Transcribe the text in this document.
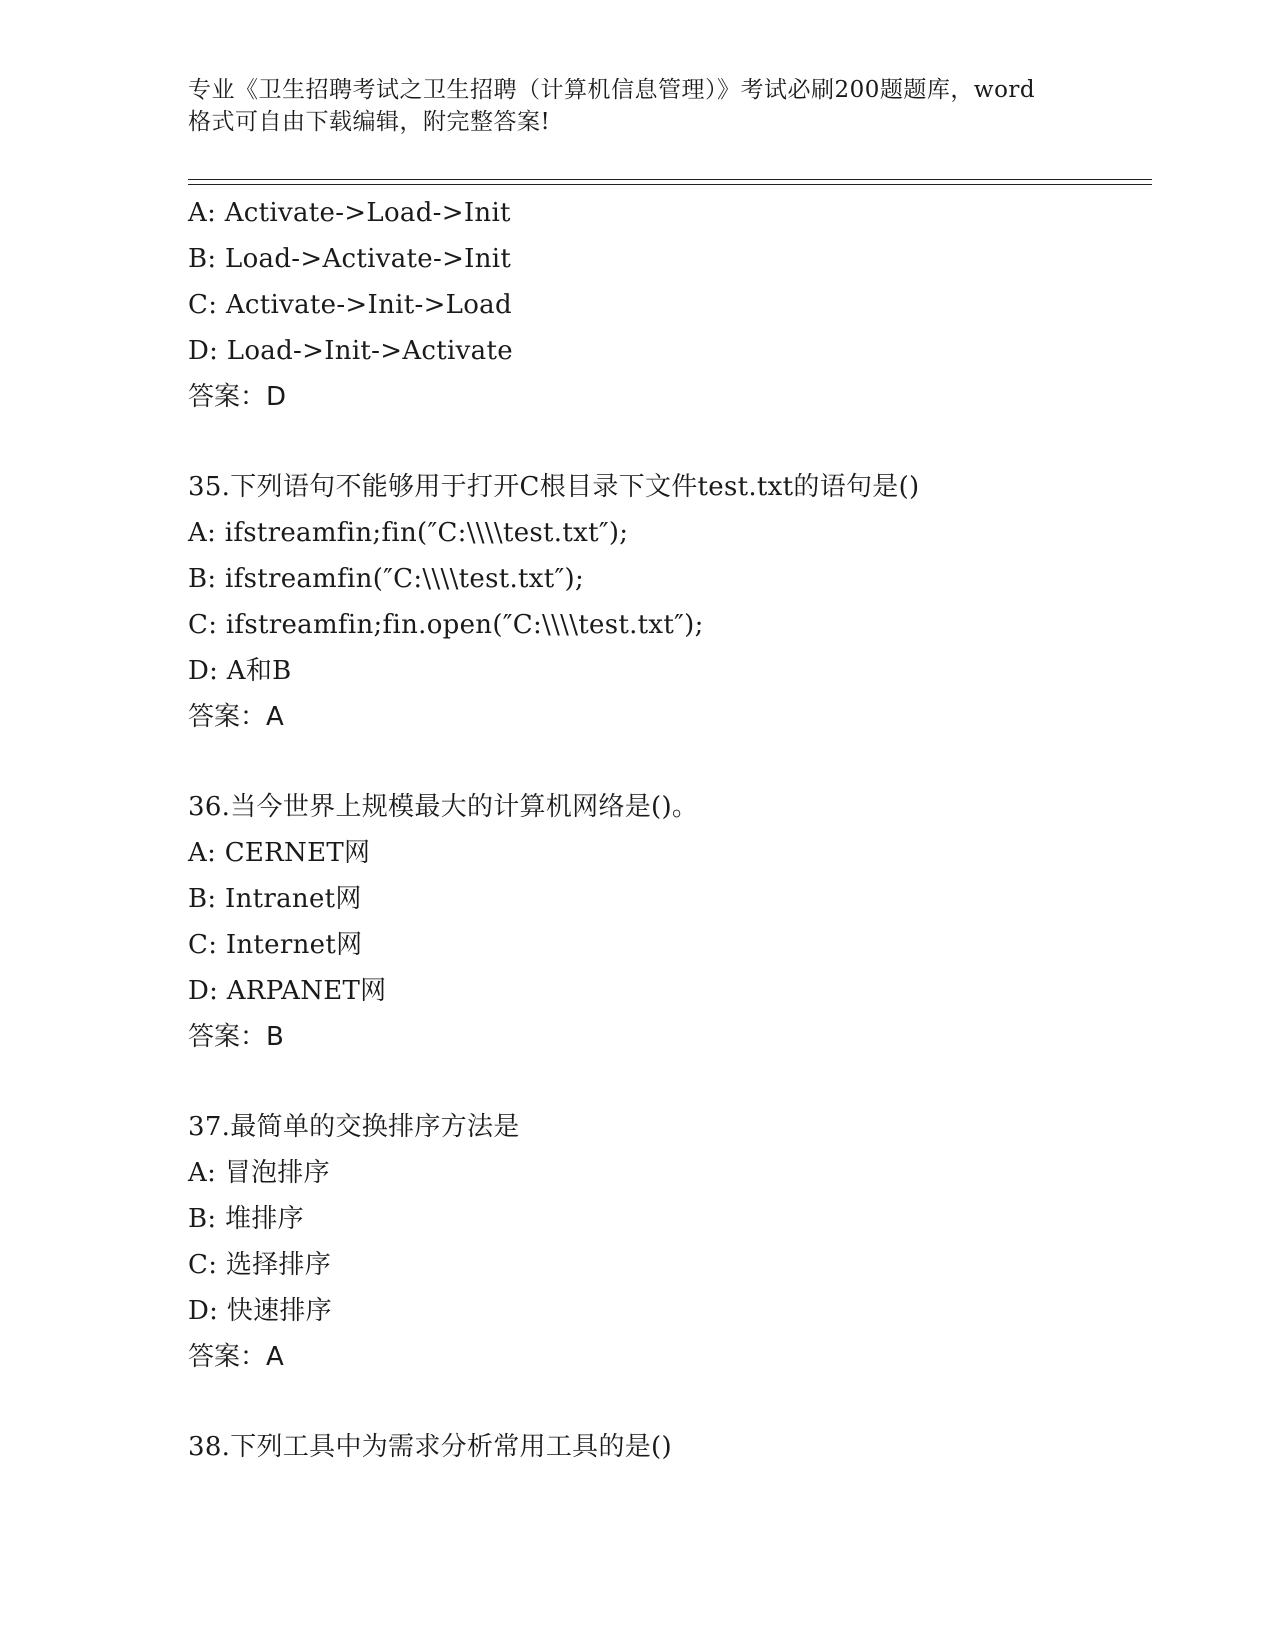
专业《卫生招聘考试之卫生招聘（计算机信息管理）》考试必刷200题题库，word
格式可自由下载编辑，附完整答案!
A: Activate->Load->Init
B: Load->Activate->Init
C: Activate->Init->Load
D: Load->Init->Activate
答案：D
35.下列语句不能够用于打开C根目录下文件test.txt的语句是()
A: ifstreamfin;fin(″C:\\\\test.txt″);
B: ifstreamfin(″C:\\\\test.txt″);
C: ifstreamfin;fin.open(″C:\\\\test.txt″);
D: A和B
答案：A
36.当今世界上规模最大的计算机网络是()。
A: CERNET网
B: Intranet网
C: Internet网
D: ARPANET网
答案：B
37.最简单的交换排序方法是
A: 冒泡排序
B: 堆排序
C: 选择排序
D: 快速排序
答案：A
38.下列工具中为需求分析常用工具的是()
